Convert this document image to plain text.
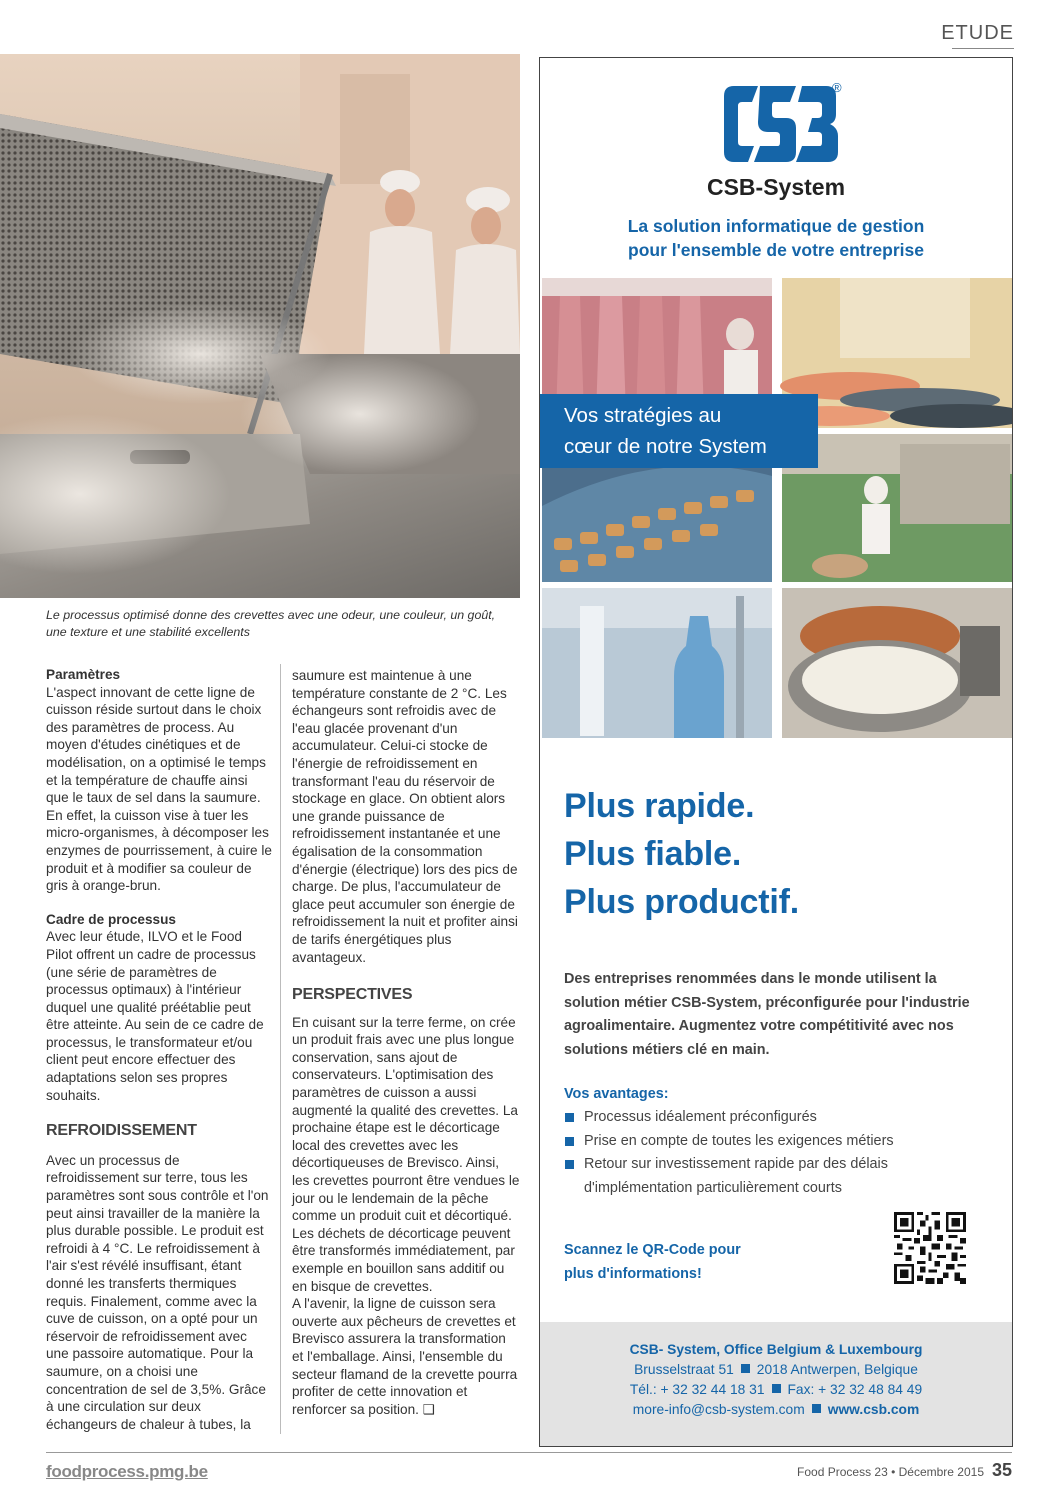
ETUDE
Le processus optimisé donne des crevettes avec une odeur, une couleur, un goût, une texture et une stabilité excellents

Paramètres

L'aspect innovant de cette ligne de cuisson réside surtout dans le choix des paramètres de process. Au moyen d'études cinétiques et de modélisation, on a optimisé le temps et la température de chauffe ainsi que le taux de sel dans la saumure. En effet, la cuisson vise à tuer les micro-organismes, à décomposer les enzymes de pourrissement, à cuire le produit et à modifier sa couleur de gris à orange-brun.

Cadre de processus

Avec leur étude, ILVO et le Food Pilot offrent un cadre de processus (une série de paramètres de processus optimaux) à l'intérieur duquel une qualité préétablie peut être atteinte. Au sein de ce cadre de processus, le transformateur et/ou client peut encore effectuer des adaptations selon ses propres souhaits.

REFROIDISSEMENT

Avec un processus de refroidissement sur terre, tous les paramètres sont sous contrôle et l'on peut ainsi travailler de la manière la plus durable possible. Le produit est refroidi à 4 °C. Le refroidissement à l'air s'est révélé insuffisant, étant donné les transferts thermiques requis. Finalement, comme avec la cuve de cuisson, on a opté pour un réservoir de refroidissement avec une passoire automatique. Pour la saumure, on a choisi une concentration de sel de 3,5%. Grâce à une circulation sur deux échangeurs de chaleur à tubes, la

saumure est maintenue à une température constante de 2 °C. Les échangeurs sont refroidis avec de l'eau glacée provenant d'un accumulateur. Celui-ci stocke de l'énergie de refroidissement en transformant l'eau du réservoir de stockage en glace. On obtient alors une grande puissance de refroidissement instantanée et une égalisation de la consommation d'énergie (électrique) lors des pics de charge. De plus, l'accumulateur de glace peut accumuler son énergie de refroidissement la nuit et profiter ainsi de tarifs énergétiques plus avantageux.

PERSPECTIVES

En cuisant sur la terre ferme, on crée un produit frais avec une plus longue conservation, sans ajout de conservateurs. L'optimisation des paramètres de cuisson a aussi augmenté la qualité des crevettes. La prochaine étape est le décorticage local des crevettes avec les décortiqueuses de Brevisco. Ainsi, les crevettes pourront être vendues le jour ou le lendemain de la pêche comme un produit cuit et décortiqué. Les déchets de décorticage peuvent être transformés immédiatement, par exemple en bouillon sans additif ou en bisque de crevettes.

A l'avenir, la ligne de cuisson sera ouverte aux pêcheurs de crevettes et Brevisco assurera la transformation et l'emballage. Ainsi, l'ensemble du secteur flamand de la crevette pourra profiter de cette innovation et renforcer sa position. ❑

®
CSB-System
La solution informatique de gestion
pour l'ensemble de votre entreprise
Vos stratégies au
cœur de notre System
Plus rapide.
Plus fiable.
Plus productif.
Des entreprises renommées dans le monde utilisent la solution métier CSB-System, préconfigurée pour l'industrie agroalimentaire. Augmentez votre compétitivité avec nos solutions métiers clé en main.
Vos avantages:
Processus idéalement préconfigurés
Prise en compte de toutes les exigences métiers
Retour sur investissement rapide par des délais d'implémentation particulièrement courts
Scannez le QR-Code pour
plus d'informations!
CSB- System, Office Belgium & Luxembourg
Brusselstraat 51 2018 Antwerpen, Belgique
Tél.: + 32 32 44 18 31 Fax: + 32 32 48 84 49
more-info@csb-system.com www.csb.com
foodprocess.pmg.be	Food Process 23 • Décembre 2015 35
